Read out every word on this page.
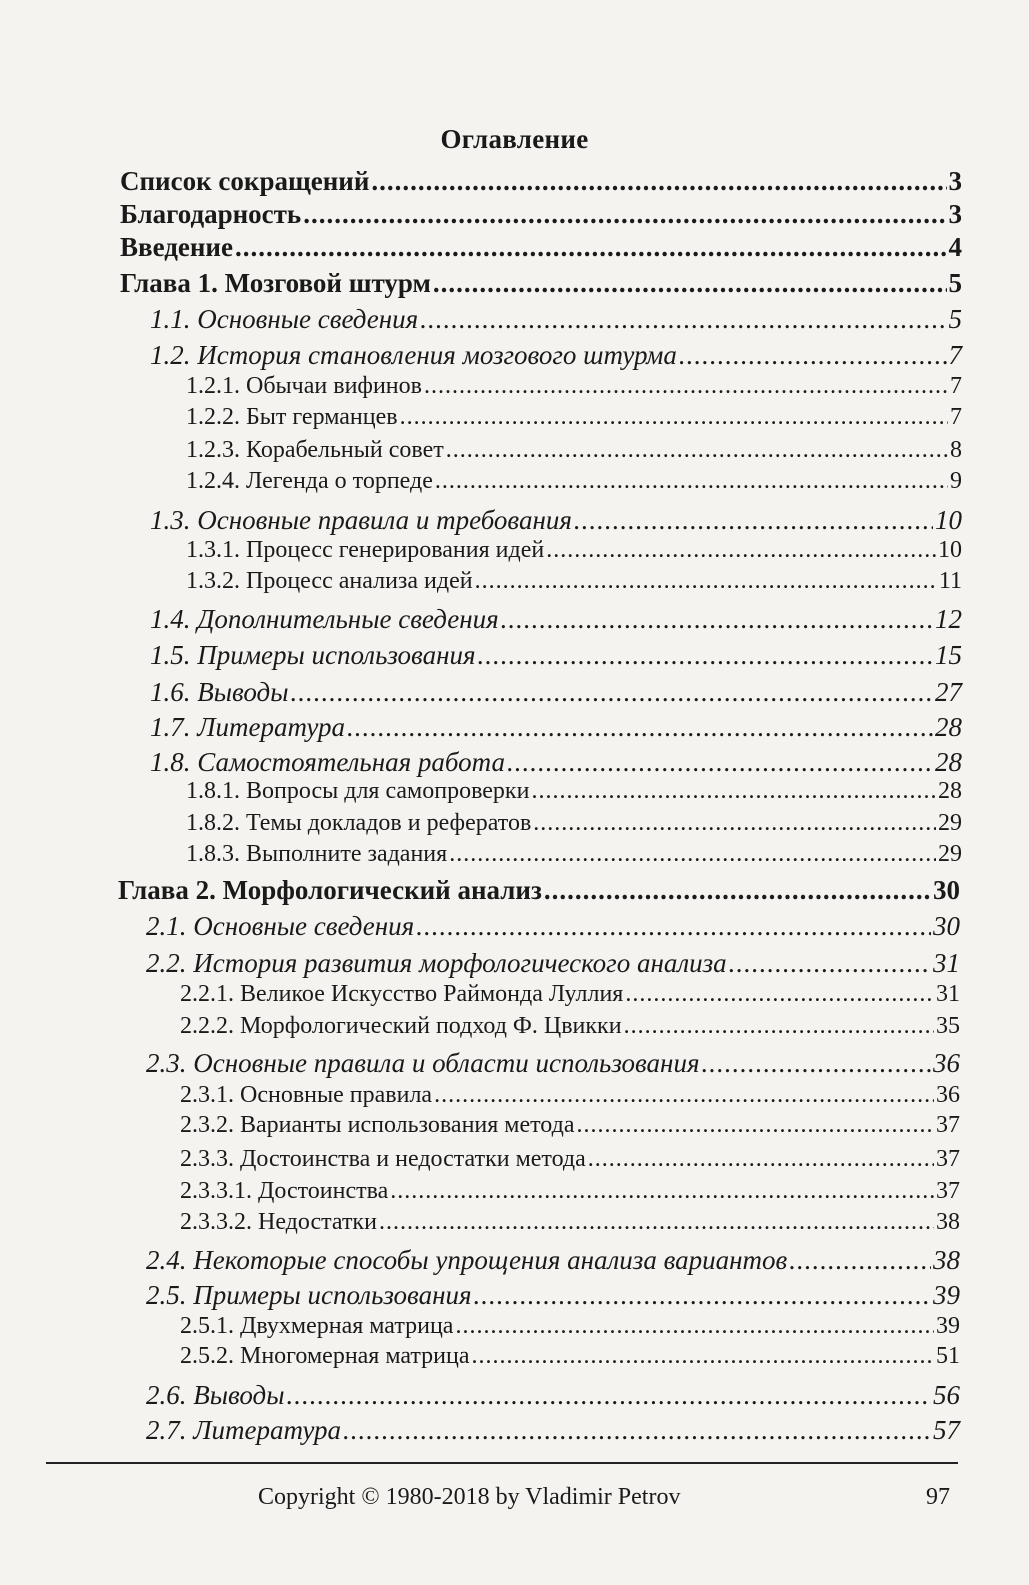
Оглавление
Список сокращений .....	3
Благодарность .....	3
Введение .....	4
Глава 1. Мозговой штурм .....	5
1.1. Основные сведения .....	5
1.2. История становления мозгового штурма .....	7
1.2.1. Обычаи вифинов .....	7
1.2.2. Быт германцев .....	7
1.2.3. Корабельный совет .....	8
1.2.4. Легенда о торпеде .....	9
1.3. Основные правила и требования .....	10
1.3.1. Процесс генерирования идей .....	10
1.3.2. Процесс анализа идей .....	11
1.4. Дополнительные сведения .....	12
1.5. Примеры использования .....	15
1.6. Выводы .....	27
1.7. Литература .....	28
1.8. Самостоятельная работа .....	28
1.8.1. Вопросы для самопроверки .....	28
1.8.2. Темы докладов и рефератов .....	29
1.8.3. Выполните задания .....	29
Глава 2. Морфологический анализ .....	30
2.1. Основные сведения .....	30
2.2. История развития морфологического анализа .....	31
2.2.1. Великое Искусство Раймонда Луллия .....	31
2.2.2. Морфологический подход Ф. Цвикки .....	35
2.3. Основные правила и области использования .....	36
2.3.1. Основные правила .....	36
2.3.2. Варианты использования метода .....	37
2.3.3. Достоинства и недостатки метода .....	37
2.3.3.1. Достоинства .....	37
2.3.3.2. Недостатки .....	38
2.4. Некоторые способы упрощения анализа вариантов .....	38
2.5. Примеры использования .....	39
2.5.1. Двухмерная матрица .....	39
2.5.2. Многомерная матрица .....	51
2.6. Выводы .....	56
2.7. Литература .....	57
Copyright © 1980-2018 by Vladimir Petrov	97
